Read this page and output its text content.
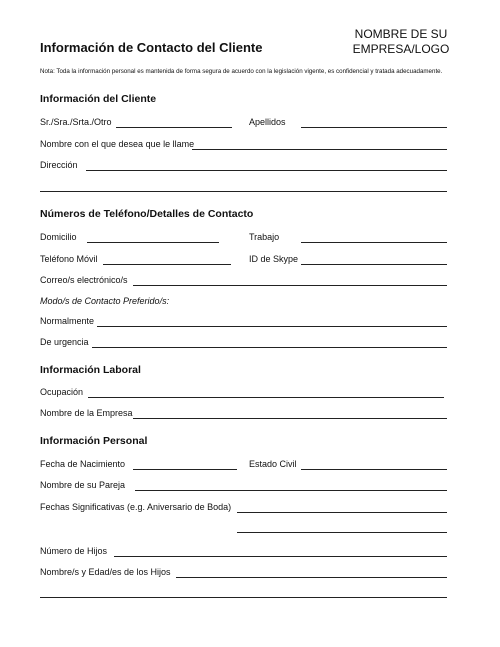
Información de Contacto del Cliente
NOMBRE DE SU
EMPRESA/LOGO
Nota: Toda la información personal es mantenida de forma segura de acuerdo con la legislación vigente, es confidencial y tratada adecuadamente.
Información del Cliente
Sr./Sra./Srta./Otro	Apellidos
Nombre con el que desea que le llame
Dirección
Números de Teléfono/Detalles de Contacto
Domicilio	Trabajo
Teléfono Móvil	ID de Skype
Correo/s electrónico/s
Modo/s de Contacto Preferido/s:
Normalmente
De urgencia
Información Laboral
Ocupación
Nombre de la Empresa
Información Personal
Fecha de Nacimiento	Estado Civil
Nombre de su Pareja
Fechas Significativas (e.g. Aniversario de Boda)
Número de Hijos
Nombre/s y Edad/es de los Hijos
